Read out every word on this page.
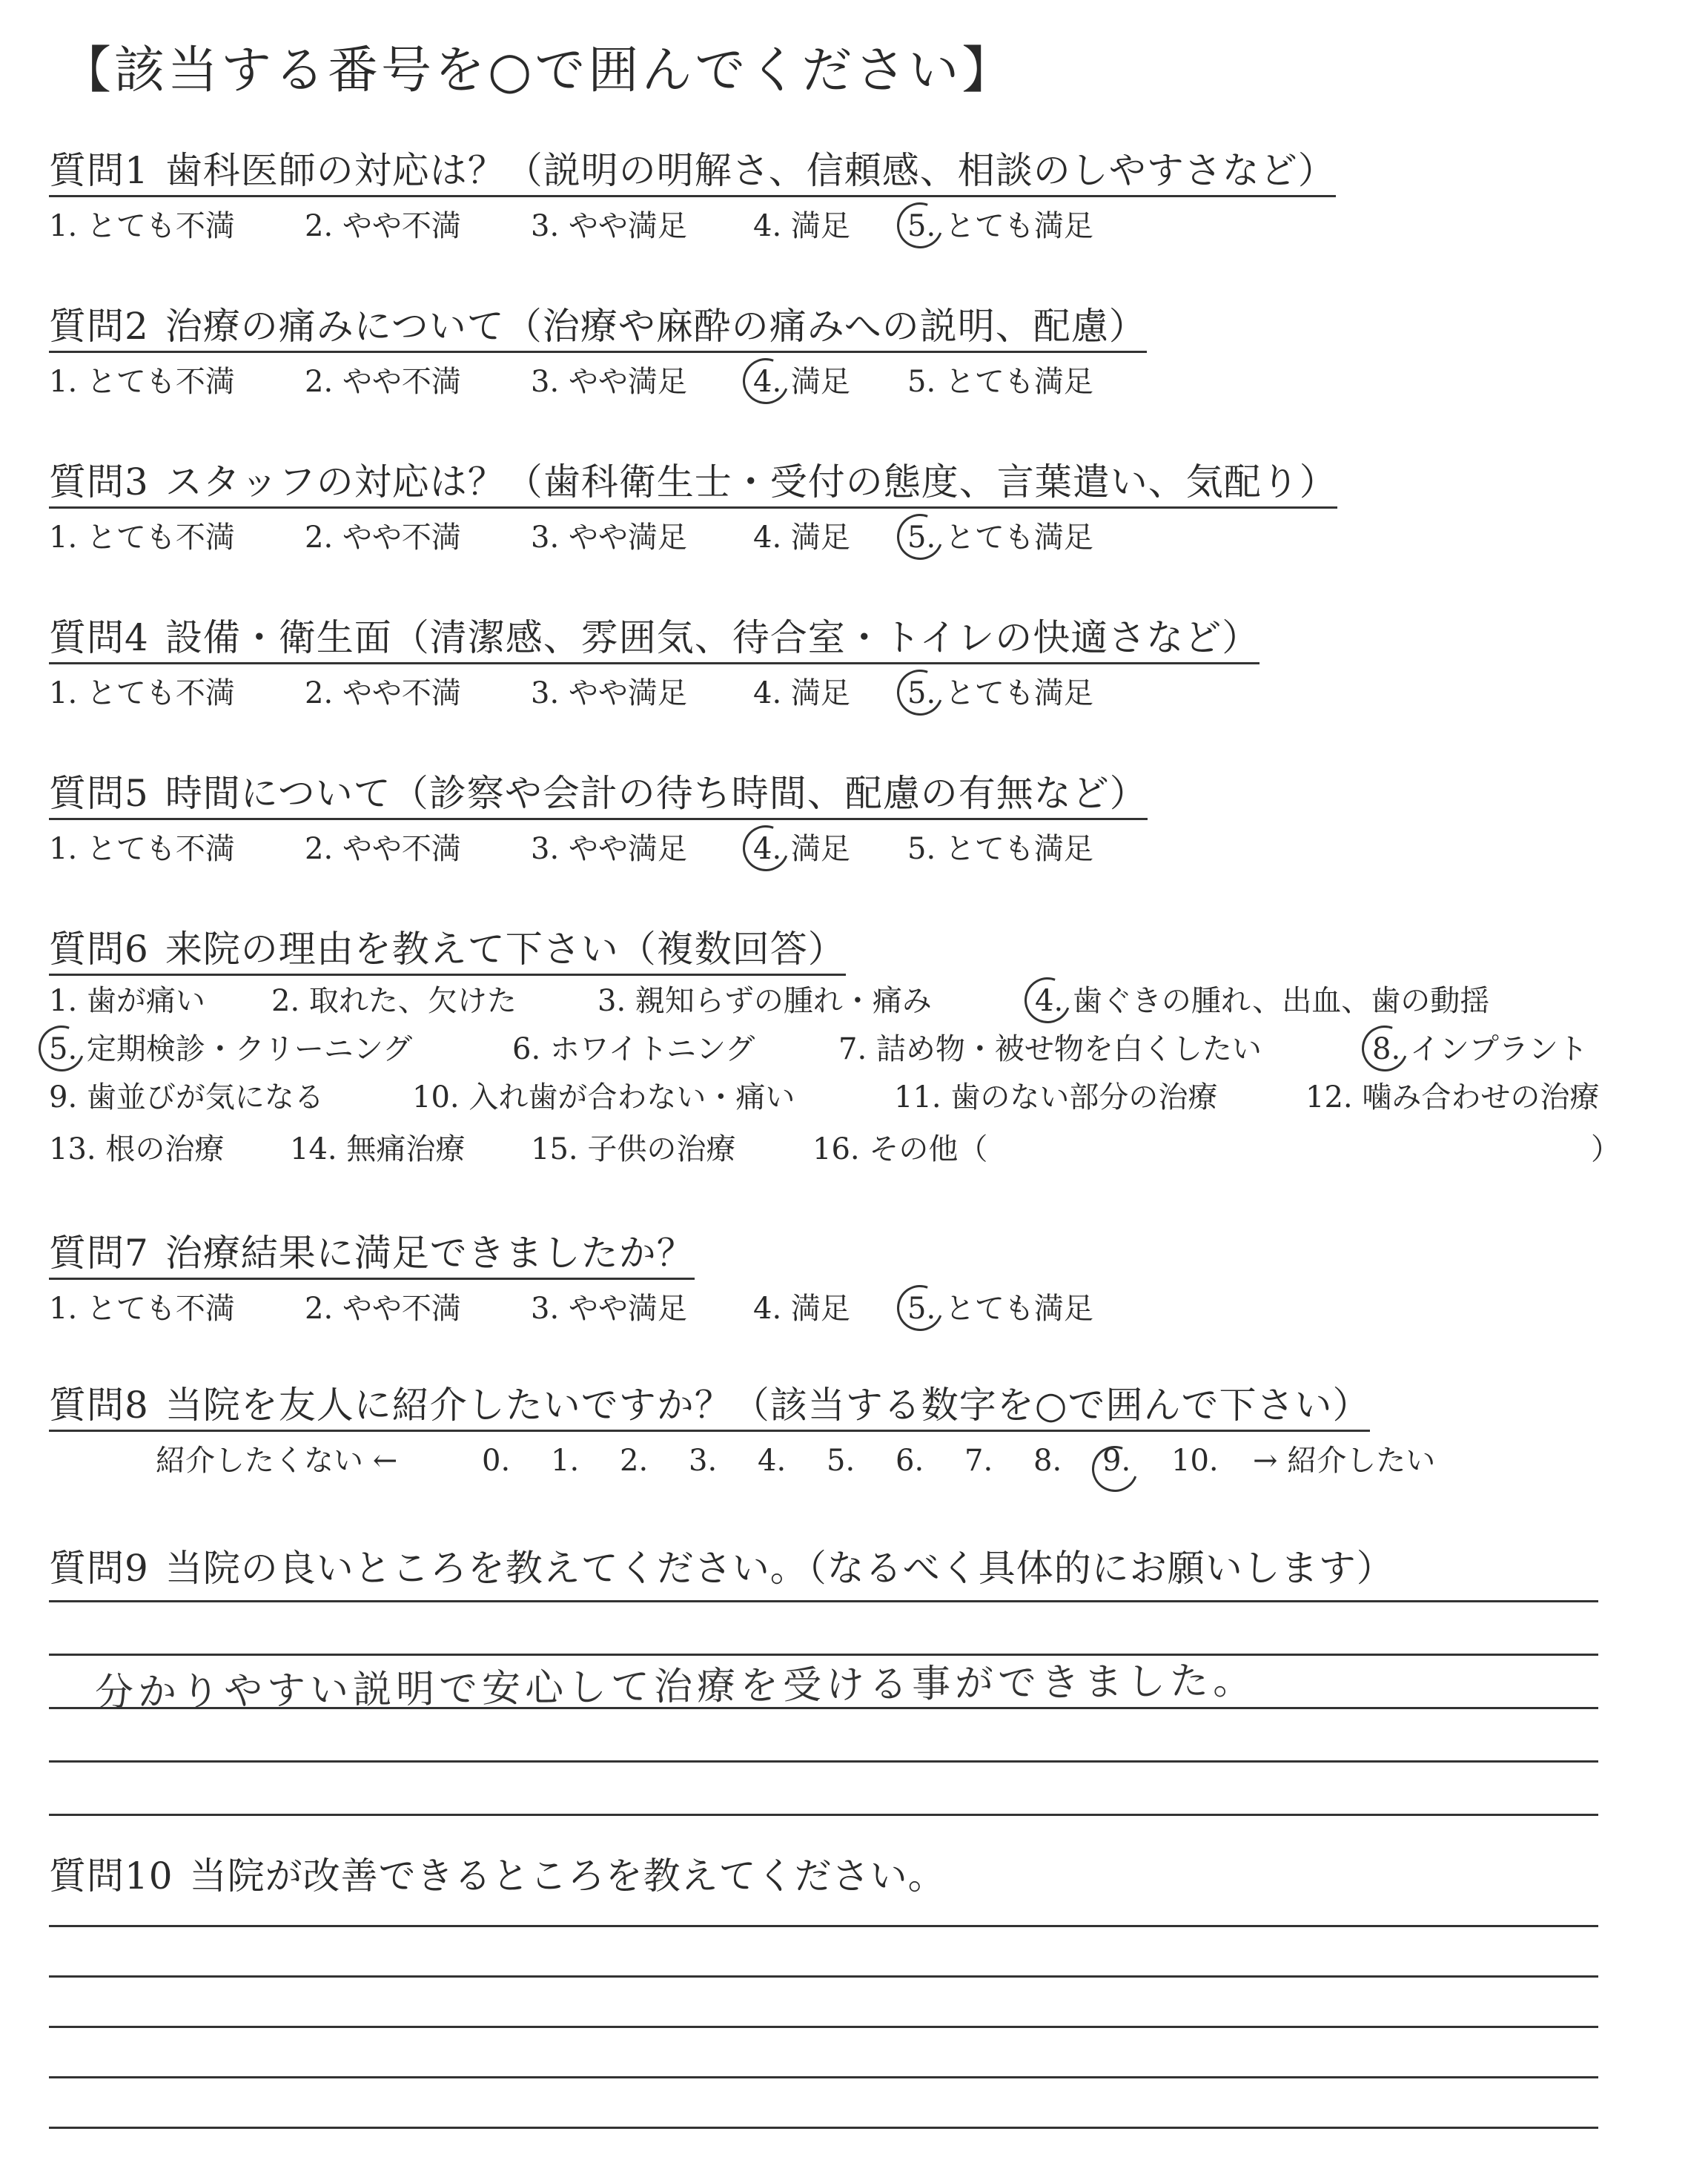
【該当する番号を○で囲んでください】
質問1 歯科医師の対応は？（説明の明解さ、信頼感、相談のしやすさなど）
1. とても不満 2. やや不満 3. やや満足 4. 満足 5.
とても満足
質問2 治療の痛みについて（治療や麻酔の痛みへの説明、配慮）
1. とても不満 2. やや不満 3. やや満足 4.
満足 5. とても満足
質問3 スタッフの対応は？（歯科衛生士・受付の態度、言葉遣い、気配り）
1. とても不満 2. やや不満 3. やや満足 4. 満足 5.
とても満足
質問4 設備・衛生面（清潔感、雰囲気、待合室・トイレの快適さなど）
1. とても不満 2. やや不満 3. やや満足 4. 満足 5.
とても満足
質問5 時間について（診察や会計の待ち時間、配慮の有無など）
1. とても不満 2. やや不満 3. やや満足 4.
満足 5. とても満足
質問6 来院の理由を教えて下さい（複数回答）
1. 歯が痛い 2. 取れた、欠けた	3. 親知らずの腫れ・痛み	4. 歯ぐきの腫れ、出血、歯の動揺
5. 定期検診・クリーニング	6. ホワイトニング	7. 詰め物・被せ物を白くしたい	8. インプラント
9. 歯並びが気になる	10. 入れ歯が合わない・痛い	11. 歯のない部分の治療	12. 噛み合わせの治療
13. 根の治療 14. 無痛治療 15. 子供の治療	16. その他（	）
質問7 治療結果に満足できましたか？
1. とても不満 2. やや不満 3. やや満足 4. 満足 5.
とても満足
質問8 当院を友人に紹介したいですか？（該当する数字を○で囲んで下さい）
紹介したくない ←	0. 1. 2. 3. 4. 5. 6. 7. 8. 9. 10. → 紹介したい
質問9 当院の良いところを教えてください。（なるべく具体的にお願いします）
分かりやすい説明で安心して治療を受ける事ができました。
質問10 当院が改善できるところを教えてください。
